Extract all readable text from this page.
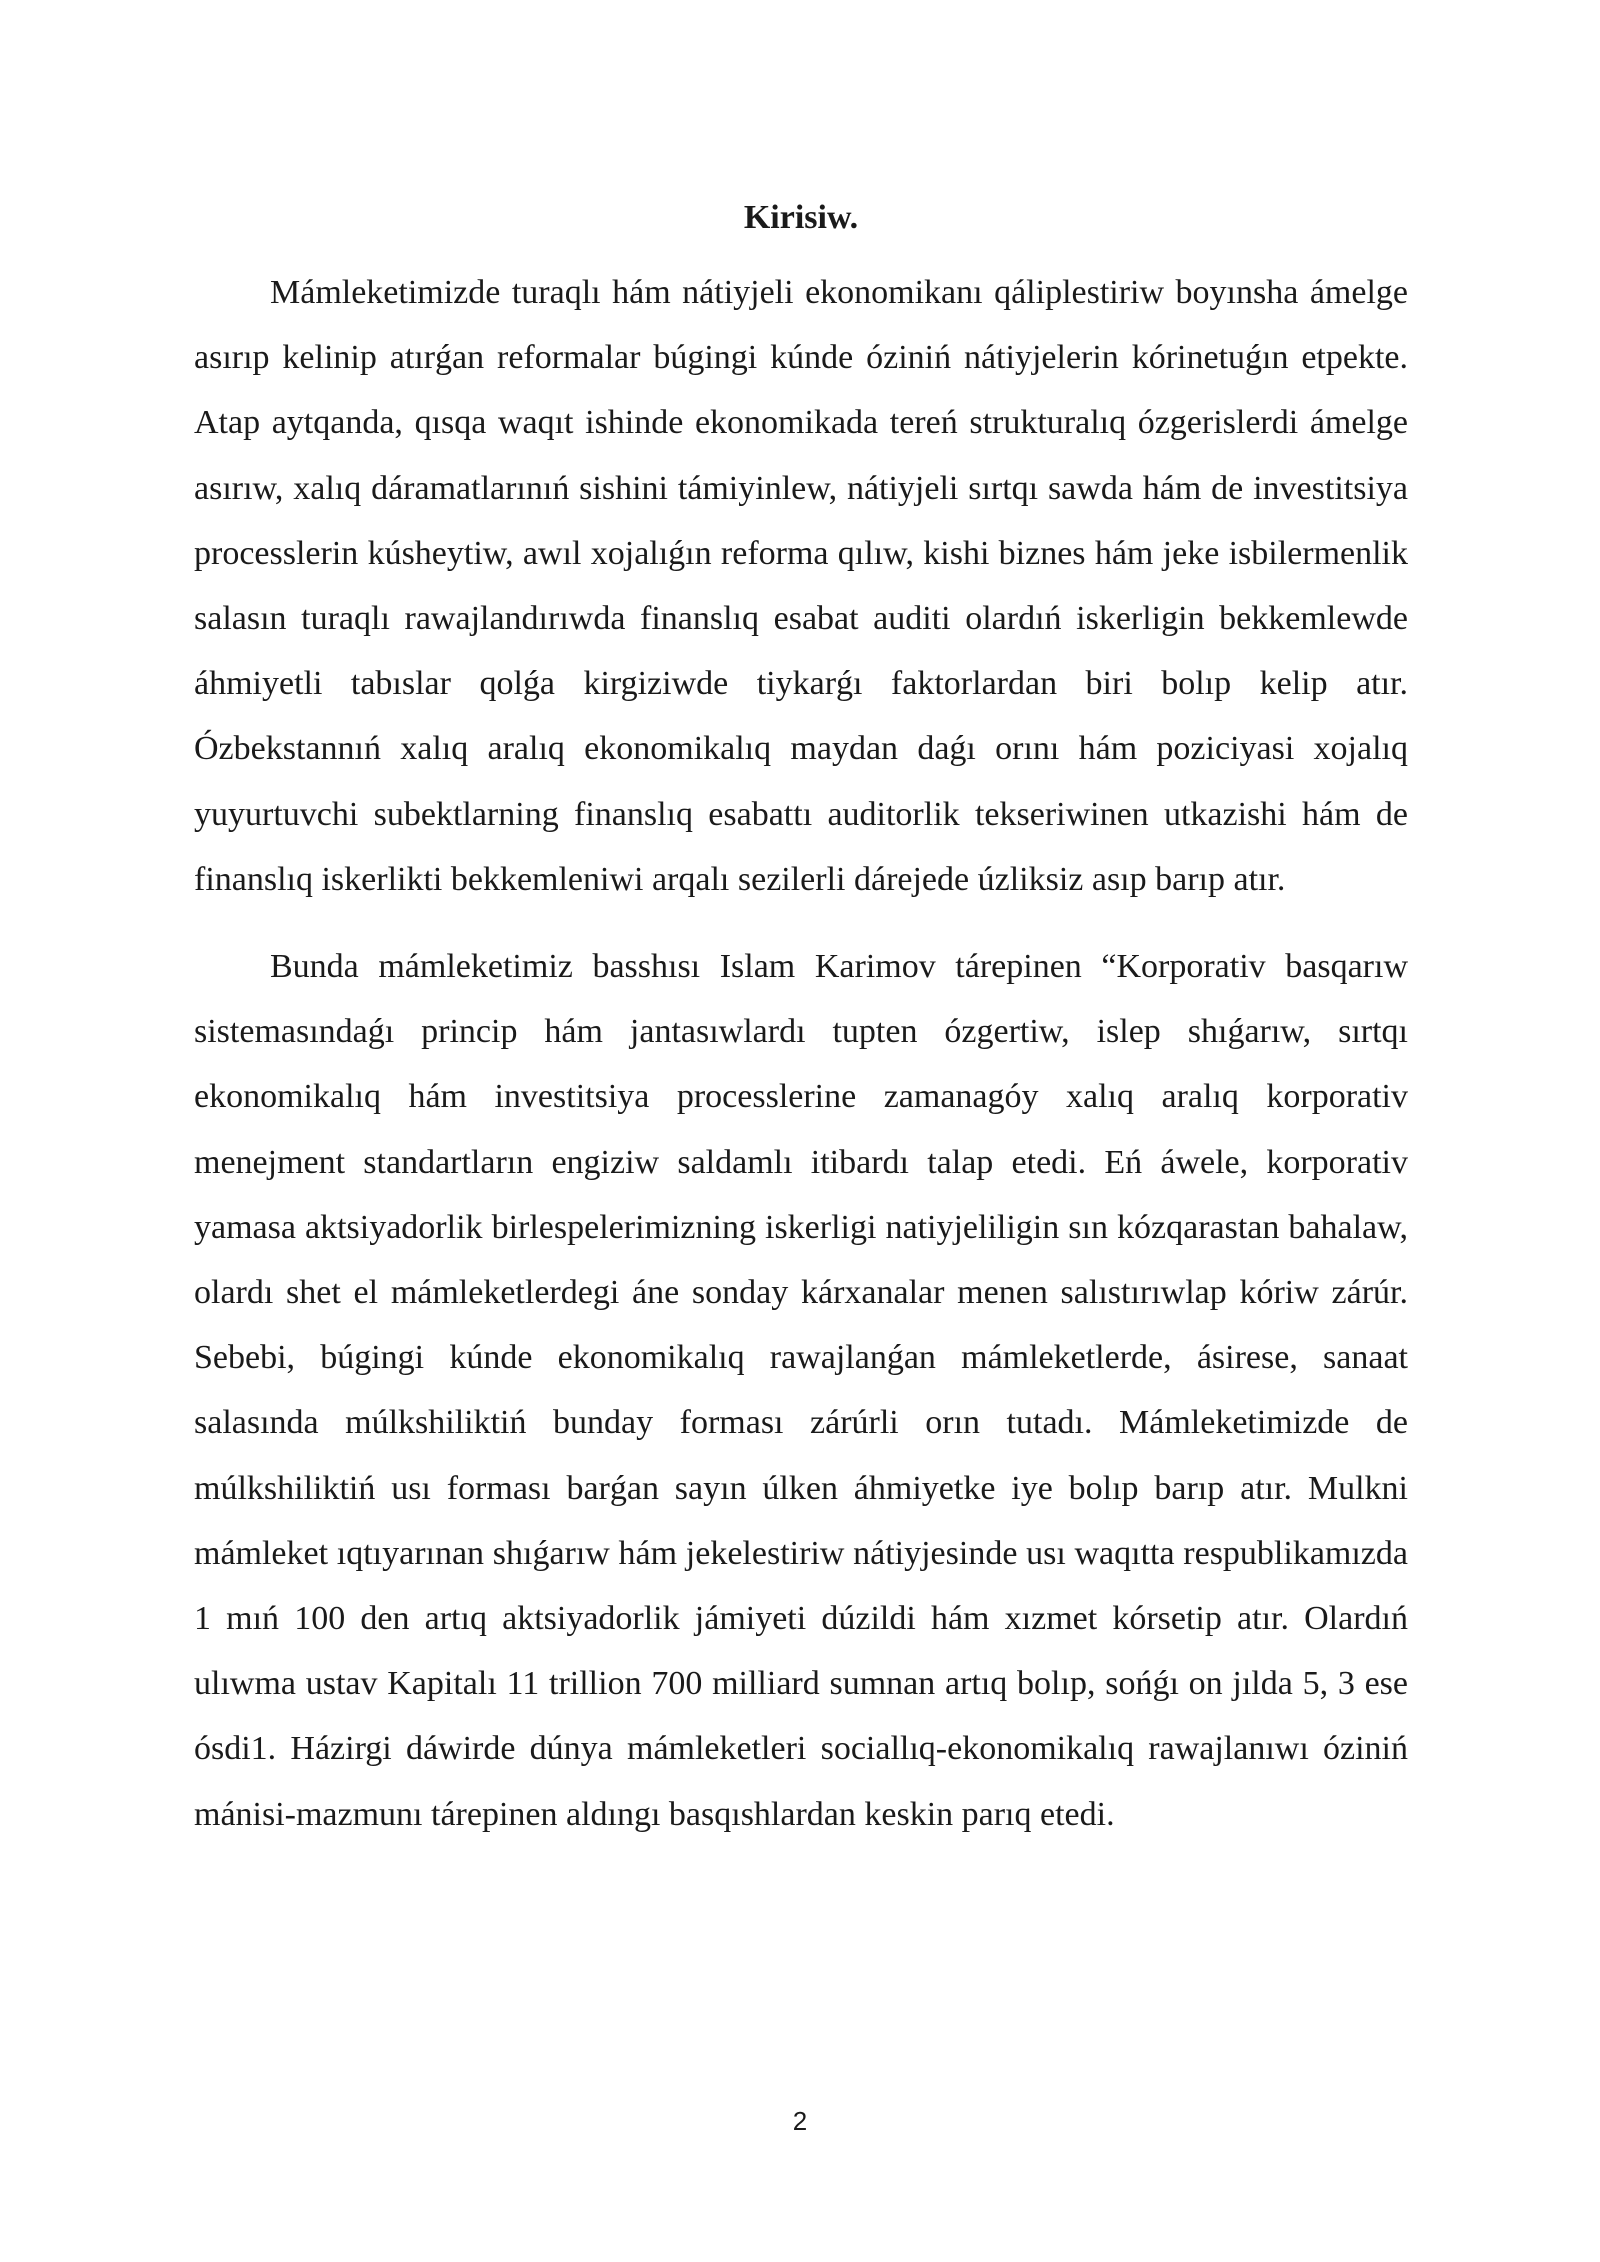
Kirisiw.

Mámleketimizde turaqlı hám nátiyjeli ekonomikanı qáliplestiriw boyınsha ámelge asırıp kelinip atırǵan reformalar búgingi kúnde óziniń nátiyjelerin kórinetuǵın etpekte. Atap aytqanda, qısqa waqıt ishinde ekonomikada tereń strukturalıq ózgerislerdi ámelge asırıw, xalıq dáramatlarınıń sishini támiyinlew, nátiyjeli sırtqı sawda hám de investitsiya processlerin kúsheytiw, awıl xojalıǵın reforma qılıw, kishi biznes hám jeke isbilermenlik salasın turaqlı rawajlandırıwda finanslıq esabat auditi olardıń iskerligin bekkemlewde áhmiyetli tabıslar qolǵa kirgiziwde tiykarǵı faktorlardan biri bolıp kelip atır. Ózbekstannıń xalıq aralıq ekonomikalıq maydan daǵı orını hám poziciyasi xojalıq yuyurtuvchi subektlarning finanslıq esabattı auditorlik tekseriwinen utkazishi hám de finanslıq iskerlikti bekkemleniwi arqalı sezilerli dárejede úzliksiz asıp barıp atır.

Bunda mámleketimiz basshısı Islam Karimov tárepinen “Korporativ basqarıw sistemasındaǵı princip hám jantasıwlardı tupten ózgertiw, islep shıǵarıw, sırtqı ekonomikalıq hám investitsiya processlerine zamanagóy xalıq aralıq korporativ menejment standartların engiziw saldamlı itibardı talap etedi. Eń áwele, korporativ yamasa aktsiyadorlik birlespelerimizning iskerligi natiyjeliligin sın kózqarastan bahalaw, olardı shet el mámleketlerdegi áne sonday kárxanalar menen salıstırıwlap kóriw zárúr. Sebebi, búgingi kúnde ekonomikalıq rawajlanǵan mámleketlerde, ásirese, sanaat salasında múlkshiliktiń bunday forması zárúrli orın tutadı. Mámleketimizde de múlkshiliktiń usı forması barǵan sayın úlken áhmiyetke iye bolıp barıp atır. Mulkni mámleket ıqtıyarınan shıǵarıw hám jekelestiriw nátiyjesinde usı waqıtta respublikamızda 1 mıń 100 den artıq aktsiyadorlik jámiyeti dúzildi hám xızmet kórsetip atır. Olardıń ulıwma ustav Kapitalı 11 trillion 700 milliard sumnan artıq bolıp, sońǵı on jılda 5, 3 ese ósdi1. Házirgi dáwirde dúnya mámleketleri sociallıq-ekonomikalıq rawajlanıwı óziniń mánisi-mazmunı tárepinen aldıngı basqıshlardan keskin parıq etedi.

2
